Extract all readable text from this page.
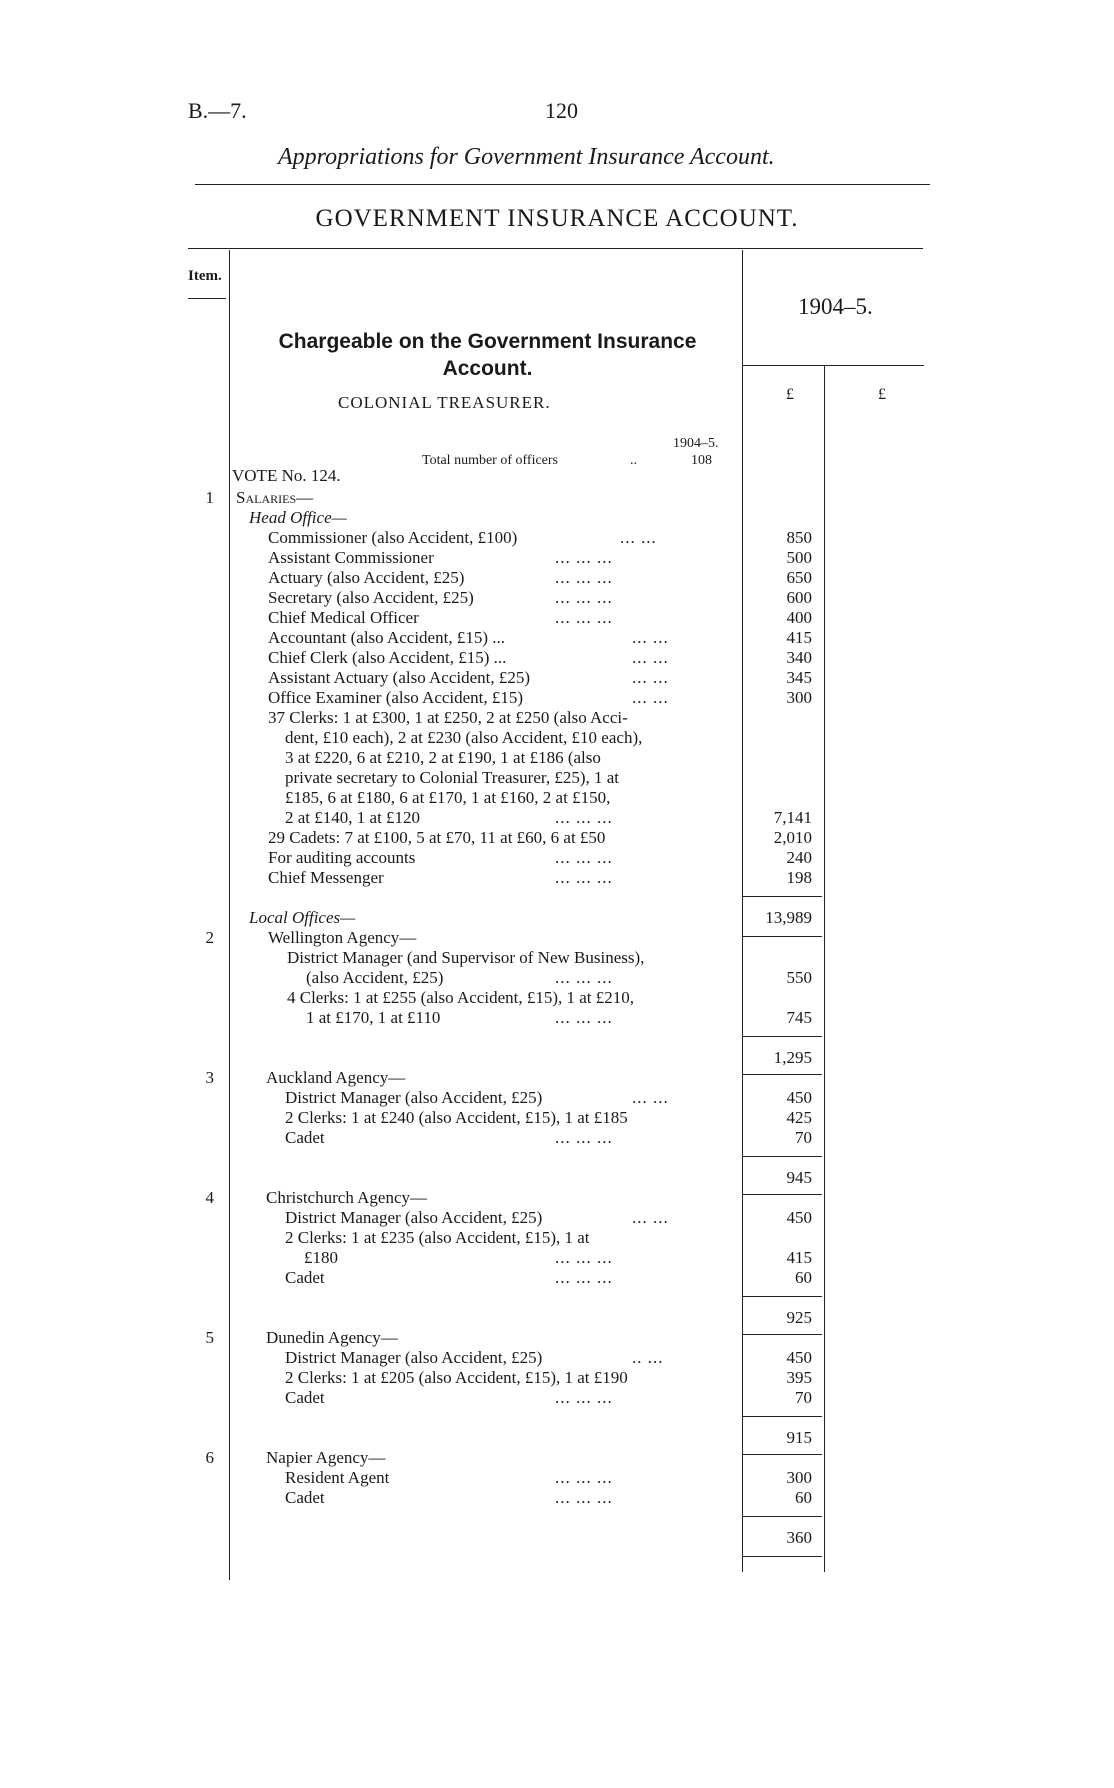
B.—7.	120
Appropriations for Government Insurance Account.
GOVERNMENT INSURANCE ACCOUNT.
Item.
1904–5.
£	£
Chargeable on the Government Insurance Account.
COLONIAL TREASURER.
1904–5.
Total number of officers	..	108
VOTE No. 124.
1 Salaries—
Head Office—
Commissioner (also Accident, £100)	... ...	850
Assistant Commissioner	... ... ...	500
Actuary (also Accident, £25)	... ... ...	650
Secretary (also Accident, £25)	... ... ...	600
Chief Medical Officer	... ... ...	400
Accountant (also Accident, £15) ...	... ...	415
Chief Clerk (also Accident, £15) ...	... ...	340
Assistant Actuary (also Accident, £25)	... ...	345
Office Examiner (also Accident, £15)	... ...	300
37 Clerks: 1 at £300, 1 at £250, 2 at £250 (also Acci-
dent, £10 each), 2 at £230 (also Accident, £10 each),
3 at £220, 6 at £210, 2 at £190, 1 at £186 (also
private secretary to Colonial Treasurer, £25), 1 at
£185, 6 at £180, 6 at £170, 1 at £160, 2 at £150,
2 at £140, 1 at £120	... ... ...	7,141
29 Cadets: 7 at £100, 5 at £70, 11 at £60, 6 at £50	2,010
For auditing accounts	... ... ...	240
Chief Messenger	... ... ...	198
Local Offices—	13,989
2	Wellington Agency—
District Manager (and Supervisor of New Business),
(also Accident, £25)	... ... ...	550
4 Clerks: 1 at £255 (also Accident, £15), 1 at £210,
1 at £170, 1 at £110	... ... ...	745
1,295
3	Auckland Agency—
District Manager (also Accident, £25)	... ...	450
2 Clerks: 1 at £240 (also Accident, £15), 1 at £185	425
Cadet	... ... ...	70
945
4	Christchurch Agency—
District Manager (also Accident, £25)	... ...	450
2 Clerks: 1 at £235 (also Accident, £15), 1 at
£180	... ... ...	415
Cadet	... ... ...	60
925
5	Dunedin Agency—
District Manager (also Accident, £25)	.. ...	450
2 Clerks: 1 at £205 (also Accident, £15), 1 at £190	395
Cadet	... ... ...	70
915
6	Napier Agency—
Resident Agent	... ... ...	300
Cadet	... ... ...	60
360
